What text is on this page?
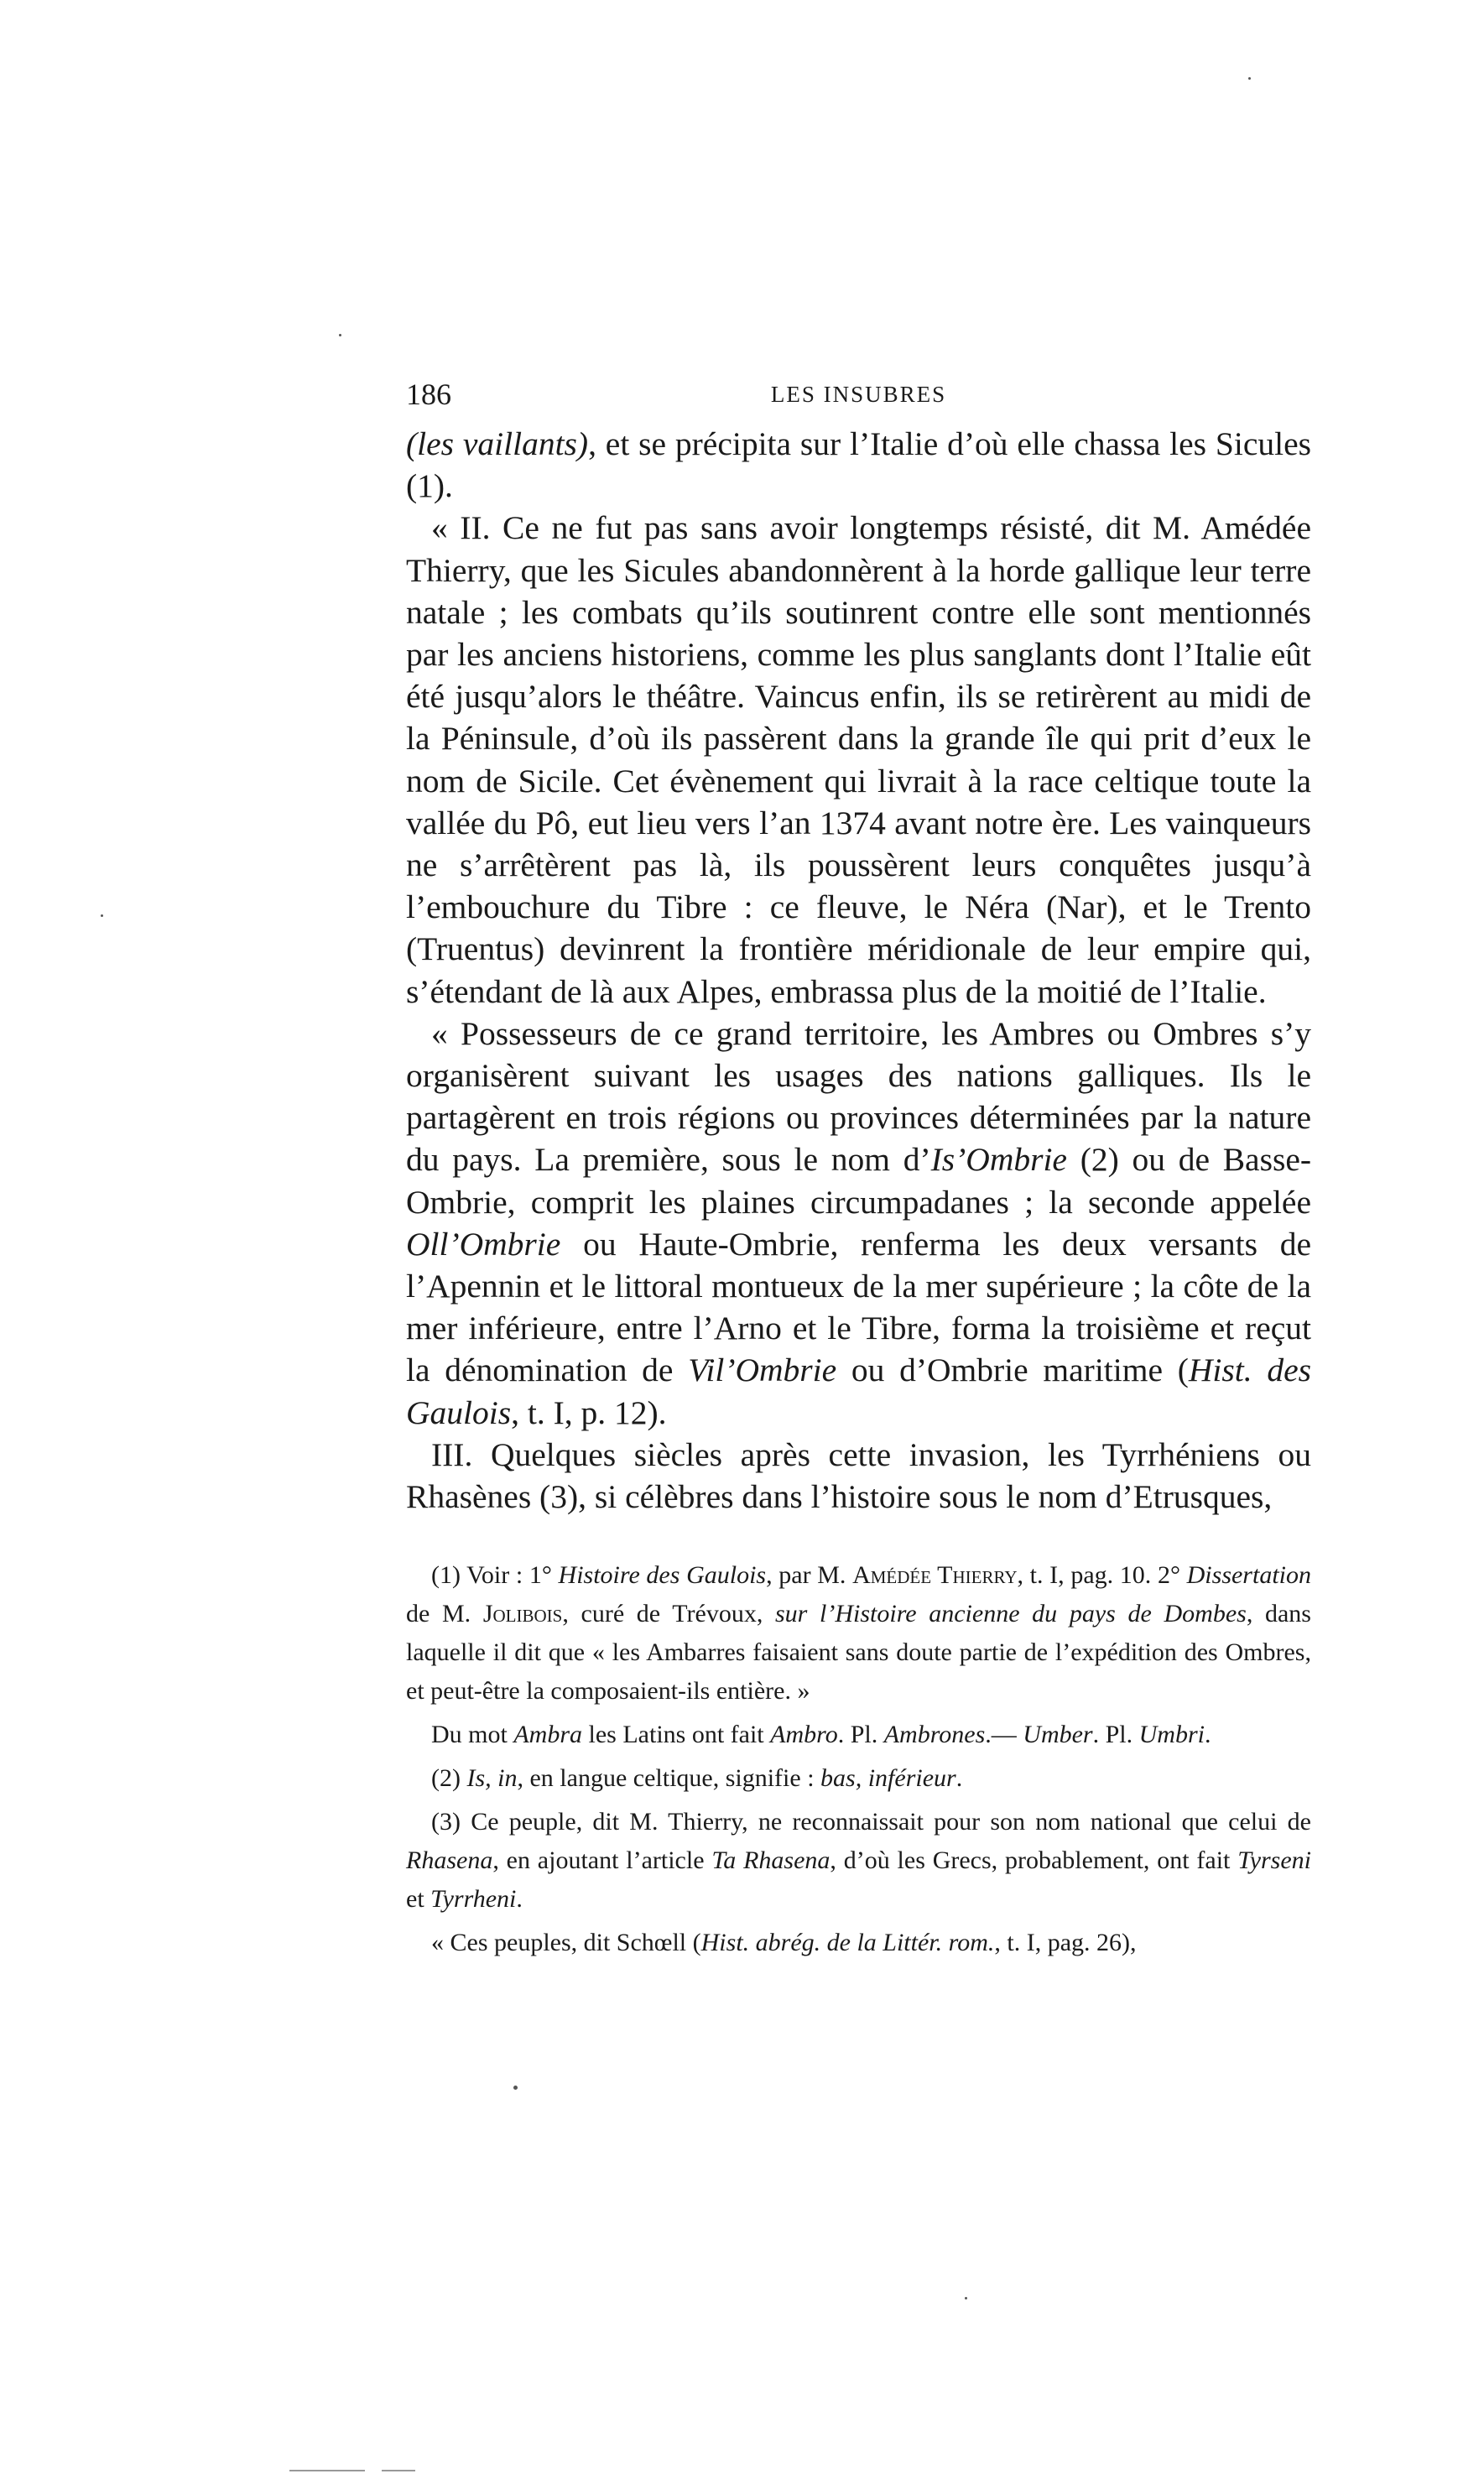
186	LES INSUBRES

(les vaillants), et se précipita sur l’Italie d’où elle chassa les Sicules (1).

« II. Ce ne fut pas sans avoir longtemps résisté, dit M. Amédée Thierry, que les Sicules abandonnèrent à la horde gallique leur terre natale ; les combats qu’ils soutinrent contre elle sont mentionnés par les anciens historiens, comme les plus sanglants dont l’Italie eût été jusqu’alors le théâtre. Vaincus enfin, ils se retirèrent au midi de la Péninsule, d’où ils passèrent dans la grande île qui prit d’eux le nom de Sicile. Cet évènement qui livrait à la race celtique toute la vallée du Pô, eut lieu vers l’an 1374 avant notre ère. Les vainqueurs ne s’arrêtèrent pas là, ils poussèrent leurs conquêtes jusqu’à l’embouchure du Tibre : ce fleuve, le Néra (Nar), et le Trento (Truentus) devinrent la frontière méridionale de leur empire qui, s’étendant de là aux Alpes, embrassa plus de la moitié de l’Italie.

« Possesseurs de ce grand territoire, les Ambres ou Ombres s’y organisèrent suivant les usages des nations galliques. Ils le partagèrent en trois régions ou provinces déterminées par la nature du pays. La première, sous le nom d’Is’Ombrie (2) ou de Basse-Ombrie, comprit les plaines circumpadanes ; la seconde appelée Oll’Ombrie ou Haute-Ombrie, renferma les deux versants de l’Apennin et le littoral montueux de la mer supérieure ; la côte de la mer inférieure, entre l’Arno et le Tibre, forma la troisième et reçut la dénomination de Vil’Ombrie ou d’Ombrie maritime (Hist. des Gaulois, t. I, p. 12).

III. Quelques siècles après cette invasion, les Tyrrhéniens ou Rhasènes (3), si célèbres dans l’histoire sous le nom d’Etrusques,

(1) Voir : 1° Histoire des Gaulois, par M. Amédée Thierry, t. I, pag. 10. 2° Dissertation de M. Jolibois, curé de Trévoux, sur l’Histoire ancienne du pays de Dombes, dans laquelle il dit que « les Ambarres faisaient sans doute partie de l’expédition des Ombres, et peut-être la composaient-ils entière. »

Du mot Ambra les Latins ont fait Ambro. Pl. Ambrones.— Umber. Pl. Umbri.

(2) Is, in, en langue celtique, signifie : bas, inférieur.

(3) Ce peuple, dit M. Thierry, ne reconnaissait pour son nom national que celui de Rhasena, en ajoutant l’article Ta Rhasena, d’où les Grecs, probablement, ont fait Tyrseni et Tyrrheni.

« Ces peuples, dit Schœll (Hist. abrég. de la Littér. rom., t. I, pag. 26),
